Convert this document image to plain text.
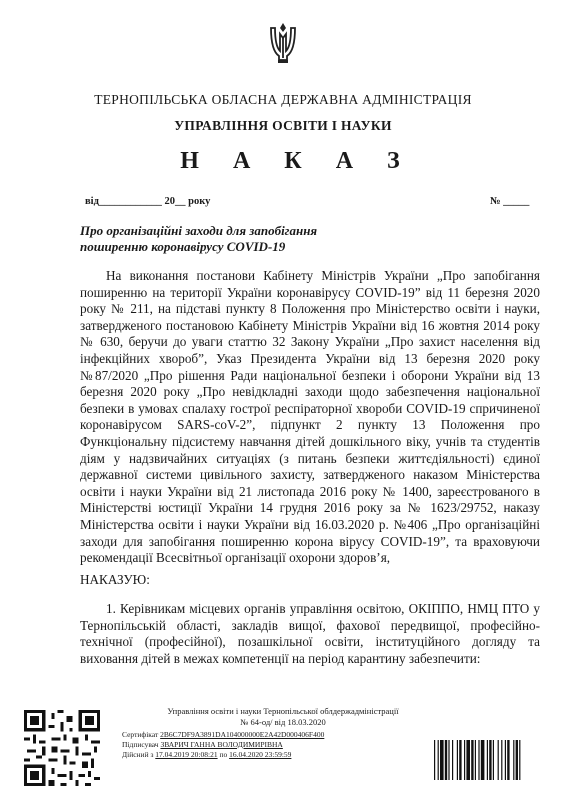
ТЕРНОПІЛЬСЬКА ОБЛАСНА ДЕРЖАВНА АДМІНІСТРАЦІЯ
УПРАВЛІННЯ ОСВІТИ І НАУКИ
Н А К А З
від____________ 20__ року	№ _____
Про організаційні заходи для запобігання
поширенню коронавірусу COVID-19
На виконання постанови Кабінету Міністрів України „Про запобігання поширенню на території України коронавірусу COVID-19” від 11 березня 2020 року № 211, на підставі пункту 8 Положення про Міністерство освіти і науки, затвердженого постановою Кабінету Міністрів України від 16 жовтня 2014 року № 630, беручи до уваги статтю 32 Закону України „Про захист населення від інфекційних хвороб”, Указ Президента України від 13 березня 2020 року №87/2020 „Про рішення Ради національної безпеки і оборони України від 13 березня 2020 року „Про невідкладні заходи щодо забезпечення національної безпеки в умовах спалаху гострої респіраторної хвороби COVID-19 спричиненої коронавірусом SARS-coV-2”, підпункт 2 пункту 13 Положення про Функціональну підсистему навчання дітей дошкільного віку, учнів та студентів діям у надзвичайних ситуаціях (з питань безпеки життєдіяльності) єдиної державної системи цивільного захисту, затвердженого наказом Міністерства освіти і науки України від 21 листопада 2016 року № 1400, зареєстрованого в Міністерстві юстиції України 14 грудня 2016 року за № 1623/29752, наказу Міністерства освіти і науки України від 16.03.2020 р. №406 „Про організаційні заходи для запобігання поширенню корона вірусу COVID-19”, та враховуючи рекомендації Всесвітньої організації охорони здоров’я,
НАКАЗУЮ:
1. Керівникам місцевих органів управління освітою, ОКІППО, НМЦ ПТО у Тернопільській області, закладів вищої, фахової передвищої, професійно-технічної (професійної), позашкільної освіти, інституційного догляду та виховання дітей в межах компетенції на період карантину забезпечити:
Управління освіти і науки Тернопільської облдержадміністрації
№ 64-од/ від 18.03.2020
Сертифікат 2B6C7DF9A3891DA104000000E2A42D000406F400
Підписувач ЗВАРИЧ ГАННА ВОЛОДИМИРІВНА
Дійсний з 17.04.2019 20:08:21 по 16.04.2020 23:59:59
